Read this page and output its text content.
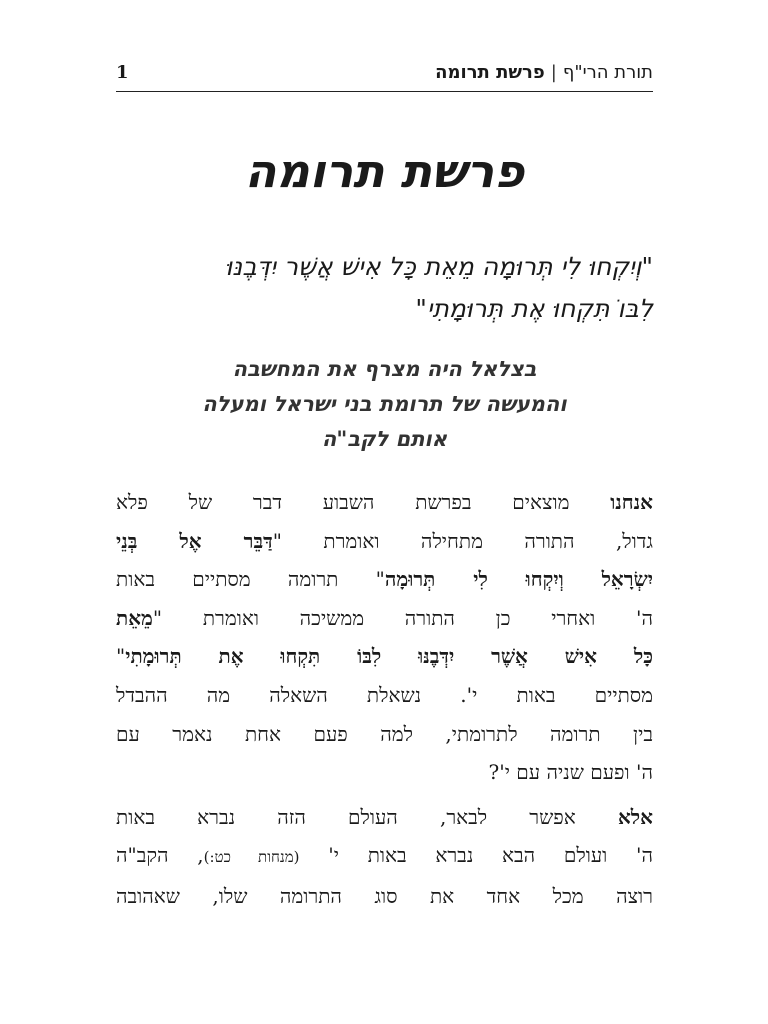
תורת הרי"ף
|
פרשת תרומה
1
פרשת תרומה

"וְיִקְחוּ לִי תְּרוּמָה מֵאֵת כָּל אִישׁ אֲשֶׁר יִדְּבֶנּוּ
לִבּוֹ תִּקְחוּ אֶת תְּרוּמָתִי"

בצלאל היה מצרף את המחשבה
והמעשה של תרומת בני ישראל ומעלה
אותם לקב"ה

אנחנו מוצאים בפרשת השבוע דבר של פלא
גדול, התורה מתחילה ואומרת "דַּבֵּר אֶל בְּנֵי
יִשְׂרָאֵל וְיִקְחוּ לִי תְּרוּמָה" תרומה מסתיים באות
ה' ואחרי כן התורה ממשיכה ואומרת "מֵאֵת
כָּל אִישׁ אֲשֶׁר יִדְּבֶנּוּ לִבּוֹ תִּקְחוּ אֶת תְּרוּמָתִי"
מסתיים באות י'. נשאלת השאלה מה ההבדל
בין תרומה לתרומתי, למה פעם אחת נאמר עם
ה' ופעם שניה עם י'?

אלא אפשר לבאר, העולם הזה נברא באות
ה' ועולם הבא נברא באות י' (מנחות כט:), הקב"ה
רוצה מכל אחד את סוג התרומה שלו, שאהובה
